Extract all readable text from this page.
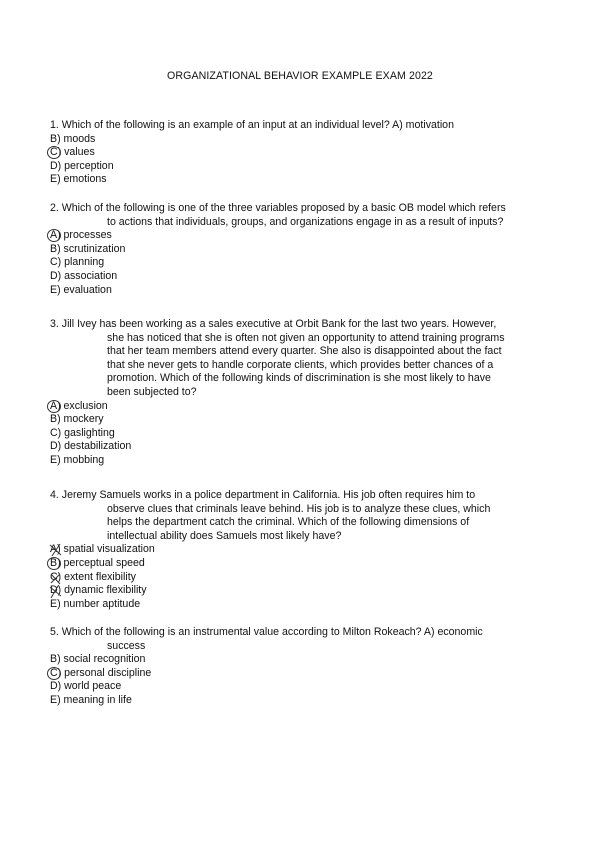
ORGANIZATIONAL BEHAVIOR EXAMPLE EXAM 2022

1. Which of the following is an example of an input at an individual level? A) motivation

B) moods
C) values
D) perception
E) emotions

2. Which of the following is one of the three variables proposed by a basic OB model which refers
to actions that individuals, groups, and organizations engage in as a result of inputs?

A) processes
B) scrutinization
C) planning
D) association
E) evaluation

3. Jill Ivey has been working as a sales executive at Orbit Bank for the last two years. However,
she has noticed that she is often not given an opportunity to attend training programs
that her team members attend every quarter. She also is disappointed about the fact
that she never gets to handle corporate clients, which provides better chances of a
promotion. Which of the following kinds of discrimination is she most likely to have
been subjected to?

A) exclusion
B) mockery
C) gaslighting
D) destabilization
E) mobbing

4. Jeremy Samuels works in a police department in California. His job often requires him to
observe clues that criminals leave behind. His job is to analyze these clues, which
helps the department catch the criminal. Which of the following dimensions of
intellectual ability does Samuels most likely have?

A) spatial visualization
B) perceptual speed
C) extent flexibility
D) dynamic flexibility
E) number aptitude

5. Which of the following is an instrumental value according to Milton Rokeach? A) economic
success

B) social recognition
C) personal discipline
D) world peace
E) meaning in life
